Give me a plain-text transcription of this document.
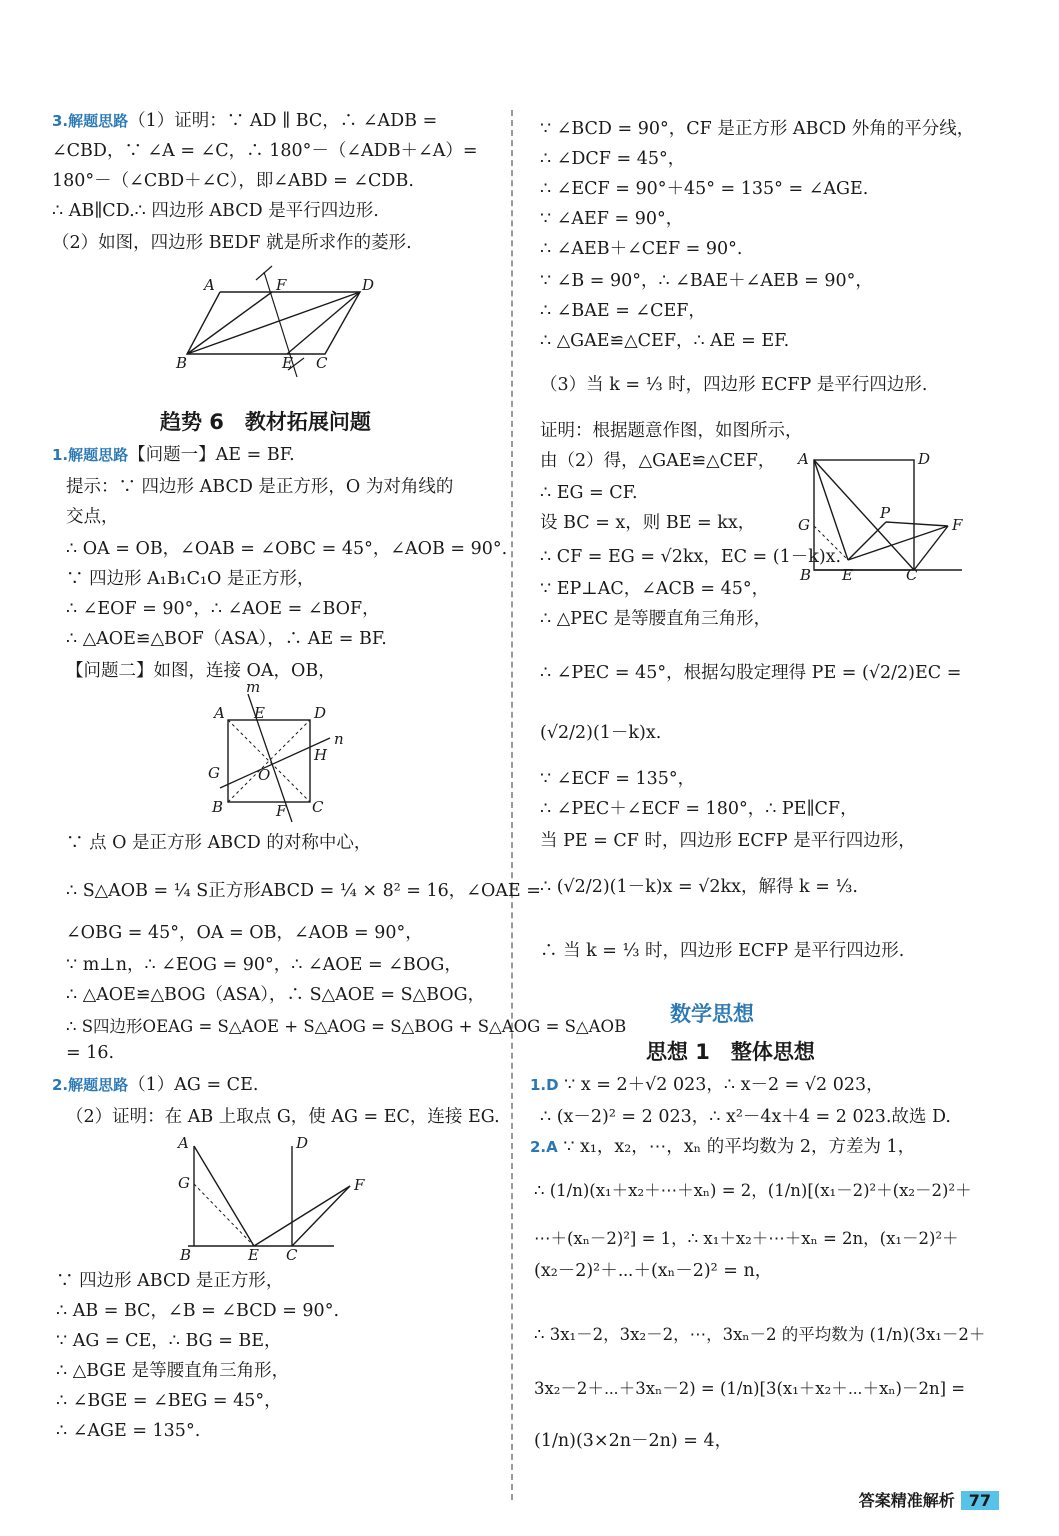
3.解题思路（1）证明：∵ AD ∥ BC，∴ ∠ADB =
∠CBD，∵ ∠A = ∠C，∴ 180°－（∠ADB＋∠A）=
180°－（∠CBD＋∠C），即∠ABD = ∠CDB.
∴ AB∥CD.∴ 四边形 ABCD 是平行四边形.
（2）如图，四边形 BEDF 就是所求作的菱形.
A	F	D
B	E C
趋势 6　教材拓展问题
1.解题思路【问题一】AE = BF.
提示：∵ 四边形 ABCD 是正方形，O 为对角线的
交点，
∴ OA = OB，∠OAB = ∠OBC = 45°，∠AOB = 90°.
∵ 四边形 A₁B₁C₁O 是正方形，
∴ ∠EOF = 90°，∴ ∠AOE = ∠BOF，
∴ △AOE≌△BOF（ASA），∴ AE = BF.
【问题二】如图，连接 OA，OB，
m
A E	D
n
H
G	O
B	F C
∵ 点 O 是正方形 ABCD 的对称中心，
∴ S△AOB = ¼ S正方形ABCD = ¼ × 8² = 16，∠OAE =
∠OBG = 45°，OA = OB，∠AOB = 90°，
∵ m⊥n，∴ ∠EOG = 90°，∴ ∠AOE = ∠BOG，
∴ △AOE≌△BOG（ASA），∴ S△AOE = S△BOG，
∴ S四边形OEAG = S△AOE + S△AOG = S△BOG + S△AOG = S△AOB
= 16.
2.解题思路（1）AG = CE.
（2）证明：在 AB 上取点 G，使 AG = EC，连接 EG.
A	D
G	F
B	E C
∵ 四边形 ABCD 是正方形，
∴ AB = BC，∠B = ∠BCD = 90°.
∵ AG = CE，∴ BG = BE，
∴ △BGE 是等腰直角三角形，
∴ ∠BGE = ∠BEG = 45°，
∴ ∠AGE = 135°.
∵ ∠BCD = 90°，CF 是正方形 ABCD 外角的平分线，
∴ ∠DCF = 45°，
∴ ∠ECF = 90°＋45° = 135° = ∠AGE.
∵ ∠AEF = 90°，
∴ ∠AEB＋∠CEF = 90°.
∵ ∠B = 90°，∴ ∠BAE＋∠AEB = 90°，
∴ ∠BAE = ∠CEF，
∴ △GAE≌△CEF，∴ AE = EF.
（3）当 k = ⅓ 时，四边形 ECFP 是平行四边形.
证明：根据题意作图，如图所示，
由（2）得，△GAE≌△CEF，
∴ EG = CF.
设 BC = x，则 BE = kx，
∴ CF = EG = √2kx，EC = (1－k)x.
∵ EP⊥AC，∠ACB = 45°，
∴ △PEC 是等腰直角三角形，
A	D
G
P
F
B E	C
∴ ∠PEC = 45°，根据勾股定理得 PE = (√2/2)EC =
(√2/2)(1－k)x.
∵ ∠ECF = 135°，
∴ ∠PEC＋∠ECF = 180°，∴ PE∥CF，
当 PE = CF 时，四边形 ECFP 是平行四边形，
∴ (√2/2)(1－k)x = √2kx，解得 k = ⅓.
∴ 当 k = ⅓ 时，四边形 ECFP 是平行四边形.
数学思想
思想 1　整体思想
1.D ∵ x = 2＋√2 023，∴ x－2 = √2 023，
∴ (x－2)² = 2 023，∴ x²－4x＋4 = 2 023.故选 D.
2.A ∵ x₁，x₂，⋯，xₙ 的平均数为 2，方差为 1，
∴ (1/n)(x₁＋x₂＋⋯＋xₙ) = 2，(1/n)[(x₁－2)²＋(x₂－2)²＋
⋯＋(xₙ－2)²] = 1，∴ x₁＋x₂＋⋯＋xₙ = 2n，(x₁－2)²＋
(x₂－2)²＋⋯＋(xₙ－2)² = n，
∴ 3x₁－2，3x₂－2，⋯，3xₙ－2 的平均数为 (1/n)(3x₁－2＋
3x₂－2＋⋯＋3xₙ－2) = (1/n)[3(x₁＋x₂＋⋯＋xₙ)－2n] =
(1/n)(3×2n－2n) = 4，
答案精准解析 77
